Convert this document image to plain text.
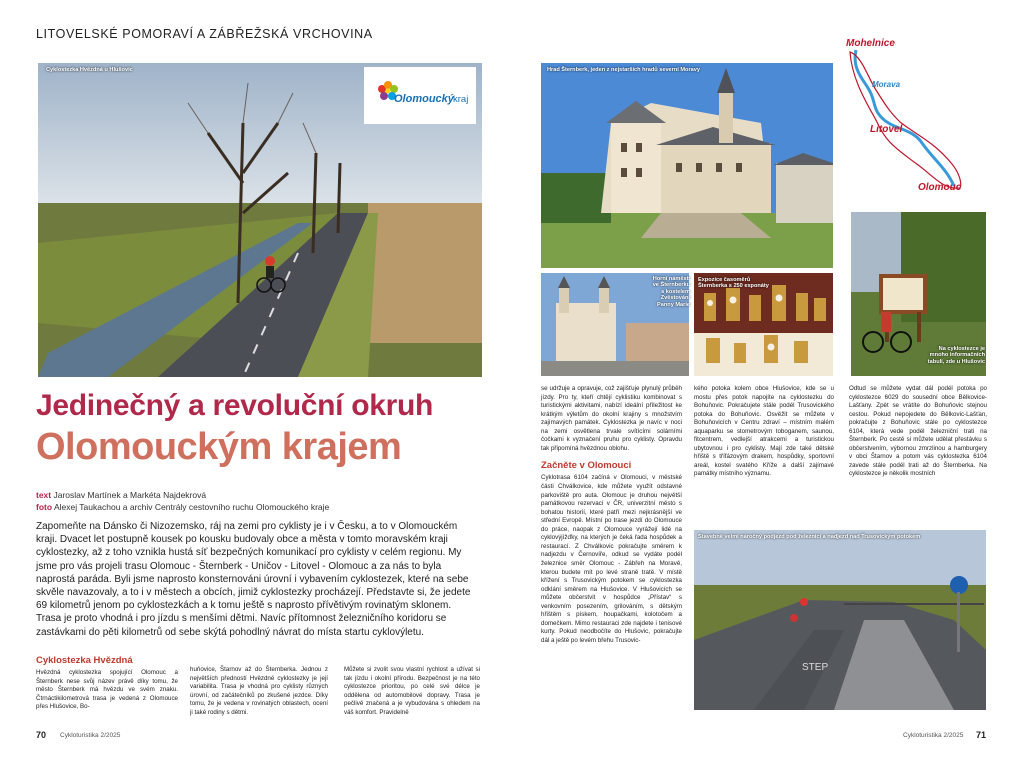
LITOVELSKÉ POMORAVÍ A ZÁBŘEŽSKÁ VRCHOVINA
Cyklostezka Hvězdná u Hlušovic
Olomoucký kraj
Jedinečný a revoluční okruh
Olomouckým krajem
text Jaroslav Martínek a Markéta Najdekrová
foto Alexej Taukachou a archiv Centrály cestovního ruchu Olomouckého kraje
Zapomeňte na Dánsko či Nizozemsko, ráj na zemi pro cyklisty je i v Česku, a to v Olomouckém kraji. Dvacet let postupně kousek po kousku budovaly obce a města v tomto moravském kraji cyklostezky, až z toho vznikla hustá síť bezpečných komunikací pro cyklisty v celém regionu. My jsme pro vás projeli trasu Olomouc - Šternberk - Uničov - Litovel - Olomouc a za nás to byla naprostá paráda. Byli jsme naprosto konsternováni úrovní i vybavením cyklostezek, které na sebe skvěle navazovaly, a to i v městech a obcích, jimiž cyklostezky procházejí. Představte si, že jedete 69 kilometrů jenom po cyklostezkách a k tomu ještě s naprosto přívětivým rovinatým sklonem. Trasa je proto vhodná i pro jízdu s menšími dětmi. Navíc přítomnost železničního koridoru se zastávkami do pěti kilometrů od sebe skýtá pohodlný návrat do místa startu cyklovýletu.
Cyklostezka Hvězdná
Hvězdná cyklostezka spojující Olomouc a Šternberk nese svůj název právě díky tomu, že město Šternberk má hvězdu ve svém znaku. Čtrnáctikilometrová trasa je vedená z Olomouce přes Hlušovice, Bo-
huňovice, Štarnov až do Šternberka. Jednou z největších předností Hvězdné cyklostezky je její variabilita. Trasa je vhodná pro cyklisty různých úrovní, od začátečníků po zkušené jezdce. Díky tomu, že je vedena v rovinatých oblastech, ocení ji také rodiny s dětmi.
Můžete si zvolit svou vlastní rychlost a užívat si tak jízdu i okolní přírodu. Bezpečnost je na této cyklostezce prioritou, po celé své délce je oddělena od automobilové dopravy. Trasa je pečlivě značená a je vybudována s ohledem na váš komfort. Pravidelně
Hrad Šternberk, jeden z nejstarších hradů severní Moravy
Mohelnice
Morava
Litovel
Olomouc
Horní náměstí ve Šternberku s kostelem Zvěstování Panny Marie
Expozice časoměrů Šternberka s 250 exponáty
Na cyklostezce je mnoho informačních tabulí, zde u Hlušovic
se udržuje a opravuje, což zajišťuje plynulý průběh jízdy. Pro ty, kteří chtějí cyklistiku kombinovat s turistickými aktivitami, nabízí ideální příležitost ke krátkým výletům do okolní krajiny s množstvím zajímavých památek. Cyklostezka je navíc v noci na zemi osvětlena trvale svítícími solárními čočkami k vyznačení pruhu pro cyklisty. Opravdu tak připomíná hvězdnou oblohu.
Začněte v Olomouci
Cyklotrasa 6104 začíná v Olomouci, v městské části Chválkovice, kde můžete využít odstavné parkoviště pro auta. Olomouc je druhou největší památkovou rezervací v ČR, univerzitní město s bohatou historií, které patří mezi nejkrásnější ve střední Evropě. Místní po trase jezdí do Olomouce do práce, naopak z Olomouce vyrážejí lidé na cyklovýjížďky, na kterých je čeká řada hospůdek a restaurací. Z Chválkovic pokračujte směrem k nadjezdu v Černovíře, odkud se vydáte podél železnice směr Olomouc - Zábřeh na Moravě, kterou budete mít po levé straně tratě. V místě křížení s Trusovickým potokem se cyklostezka odklání směrem na Hlušovice. V Hlušovicích se můžete občerstvit v hospůdce „Přístav“ s venkovním posezením, grilováním, s dětským hřištěm s pískem, houpačkami, kolotočem a domečkem. Mimo restauraci zde najdete i tenisové kurty. Pokud neodbočíte do Hlušovic, pokračujte dál a ještě po levém břehu Trusovic-
kého potoka kolem obce Hlušovice, kde se u mostu přes potok napojíte na cyklostezku do Bohuňovic. Pokračujete stále podél Trusovického potoka do Bohuňovic. Osvěžit se můžete v Bohuňovicích v Centru zdraví – místním malém aquaparku se stometrovým toboganem, saunou, fitcentrem, vedlejší atrakcemi a turistickou ubytovnou i pro cyklisty. Mají zde také dětské hřiště s třífázovým drakem, hospůdky, sportovní areál, kostel svatého Kříže a další zajímavé památky místního významu.
Odtud se můžete vydat dál podél potoka po cyklostezce 6029 do sousední obce Bělkovice-Lašťany. Zpět se vrátíte do Bohuňovic stejnou cestou. Pokud nepojedete do Bělkovic-Lašťan, pokračujte z Bohuňovic stále po cyklostezce 6104, která vede podél železniční trati na Šternberk. Po cestě si můžete udělat přestávku s občerstvením, výbornou zmrzlinou a hamburgery v obci Štarnov a potom vás cyklostezka 6104 zavede stále podél trati až do Šternberka. Na cyklostezce je několik mostních
STEP
Stavebně velmi náročný podjezd pod železnicí a nadjezd nad Trusovickým potokem
70 Cykloturistika 2/2025	Cykloturistika 2/2025 71
